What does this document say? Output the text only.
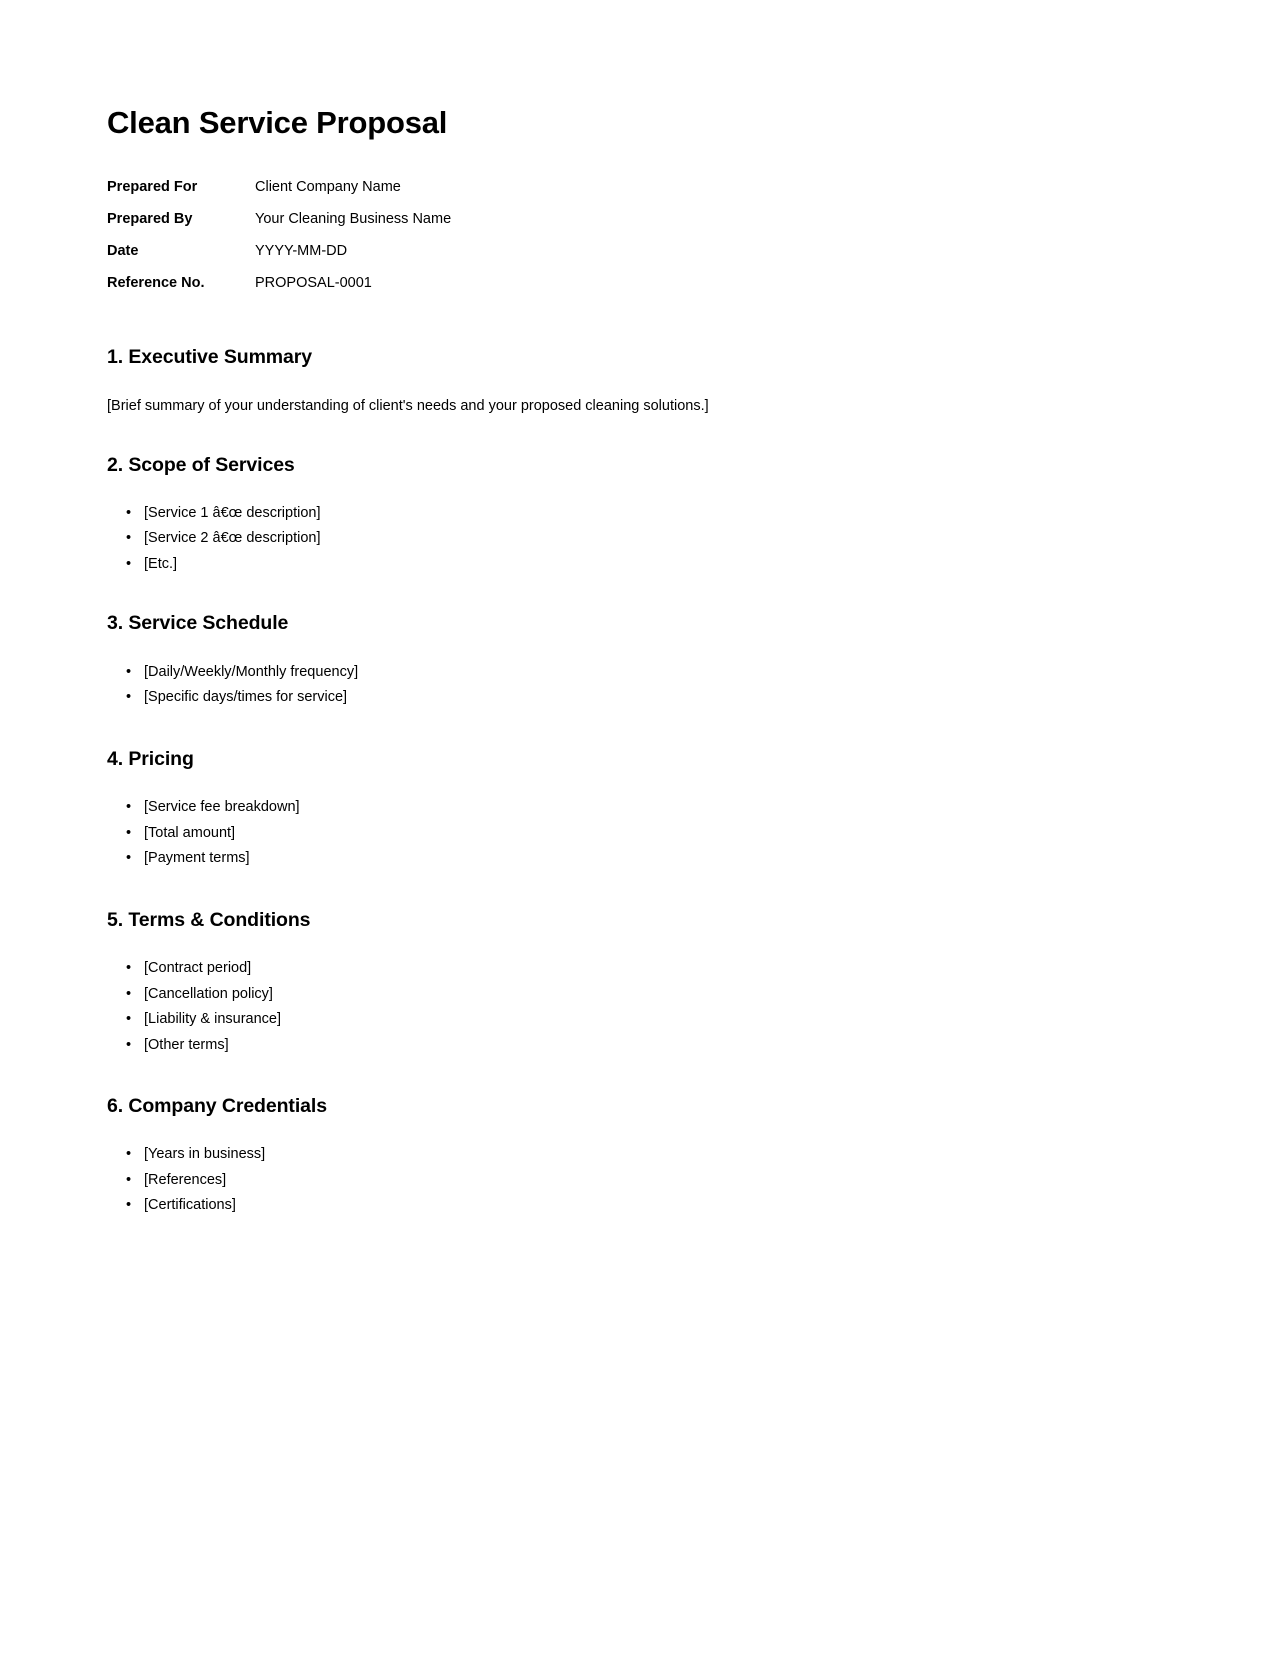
Clean Service Proposal
Prepared For	Client Company Name
Prepared By	Your Cleaning Business Name
Date	YYYY-MM-DD
Reference No.	PROPOSAL-0001
1. Executive Summary

[Brief summary of your understanding of client's needs and your proposed cleaning solutions.]

2. Scope of Services
• [Service 1 â€œ description]
• [Service 2 â€œ description]
• [Etc.]
3. Service Schedule
• [Daily/Weekly/Monthly frequency]
• [Specific days/times for service]
4. Pricing
• [Service fee breakdown]
• [Total amount]
• [Payment terms]
5. Terms & Conditions
• [Contract period]
• [Cancellation policy]
• [Liability & insurance]
• [Other terms]
6. Company Credentials
• [Years in business]
• [References]
• [Certifications]
